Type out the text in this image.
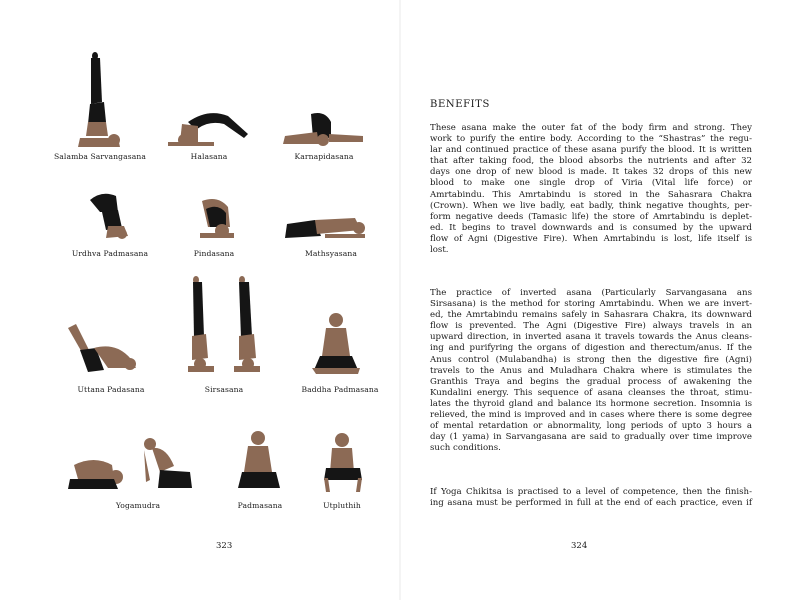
Salamba Sarvangasana	Halasana	Karnapidasana
Urdhva Padmasana	Pindasana	Mathsyasana
Uttana Padasana	Sirsasana	Baddha Padmasana
Yogamudra	Padmasana	Utpluthih
323
BENEFITS
These asana make the outer fat of the body firm and strong. They
work to purify the entire body. According to the “Shastras” the regu-
lar and continued practice of these asana purify the blood. It is written
that after taking food, the blood absorbs the nutrients and after 32
days one drop of new blood is made. It takes 32 drops of this new
blood to make one single drop of Viria (Vital life force) or
Amrtabindu. This Amrtabindu is stored in the Sahasrara Chakra
(Crown). When we live badly, eat badly, think negative thoughts, per-
form negative deeds (Tamasic life) the store of Amrtabindu is deplet-
ed. It begins to travel downwards and is consumed by the upward
flow of Agni (Digestive Fire). When Amrtabindu is lost, life itself is
lost.
The practice of inverted asana (Particularly Sarvangasana ans
Sirsasana) is the method for storing Amrtabindu. When we are invert-
ed, the Amrtabindu remains safely in Sahasrara Chakra, its downward
flow is prevented. The Agni (Digestive Fire) always travels in an
upward direction, in inverted asana it travels towards the Anus cleans-
ing and purifyring the organs of digestion and therectum/anus. If the
Anus control (Mulabandha) is strong then the digestive fire (Agni)
travels to the Anus and Muladhara Chakra where is stimulates the
Granthis Traya and begins the gradual process of awakening the
Kundalini energy. This sequence of asana cleanses the throat, stimu-
lates the thyroid gland and balance its hormone secretion. Insomnia is
relieved, the mind is improved and in cases where there is some degree
of mental retardation or abnormality, long periods of upto 3 hours a
day (1 yama) in Sarvangasana are said to gradually over time improve
such conditions.
If Yoga Chikitsa is practised to a level of competence, then the finish-
ing asana must be performed in full at the end of each practice, even if
324
